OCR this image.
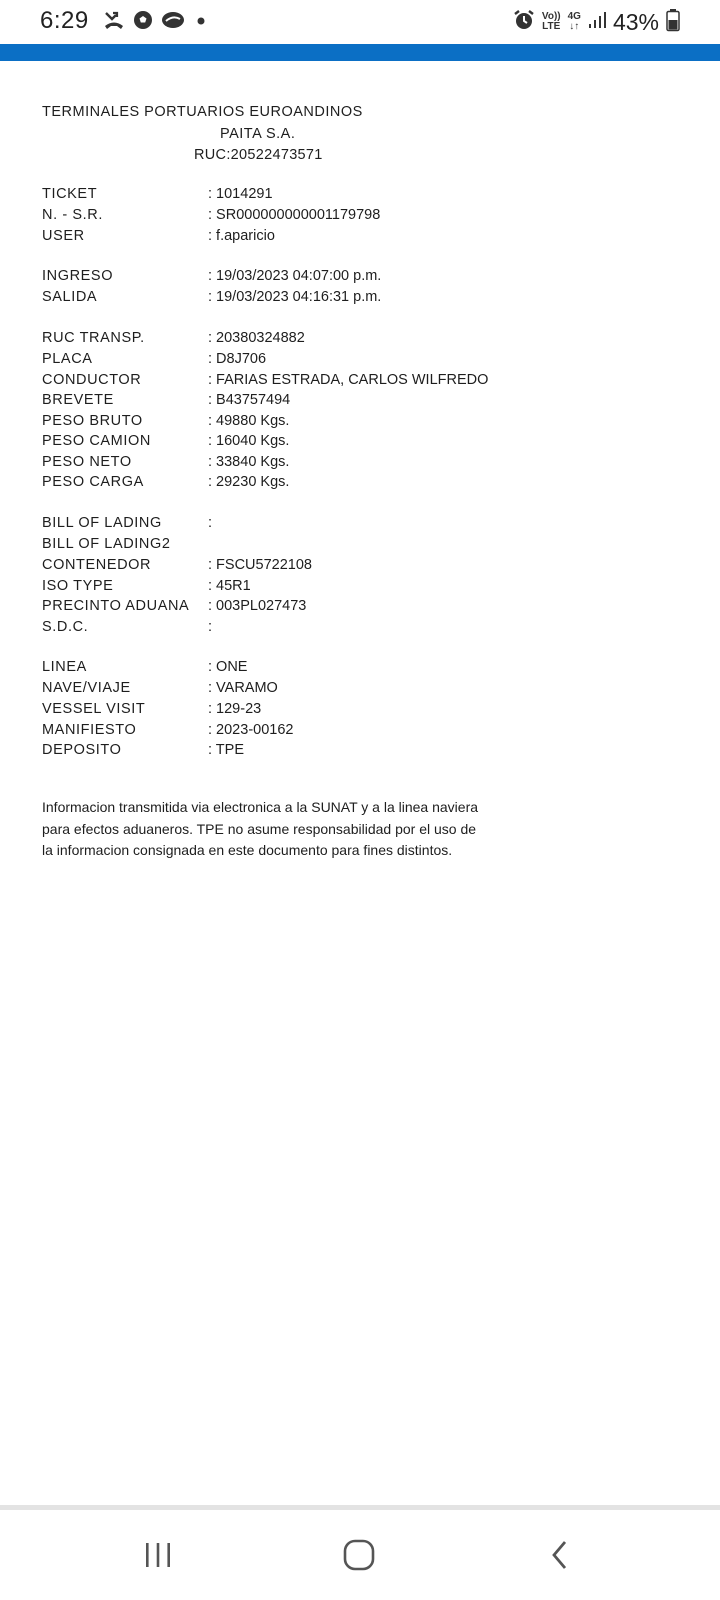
6:29	Vo))
LTE
4G
↓↑ 43%
TERMINALES PORTUARIOS EUROANDINOS
PAITA S.A.
RUC:20522473571
TICKET	: 1014291
N. - S.R.	: SR000000000001179798
USER	: f.aparicio
INGRESO	: 19/03/2023 04:07:00 p.m.
SALIDA	: 19/03/2023 04:16:31 p.m.
RUC TRANSP.	: 20380324882
PLACA	: D8J706
CONDUCTOR	: FARIAS ESTRADA, CARLOS WILFREDO
BREVETE	: B43757494
PESO BRUTO	: 49880 Kgs.
PESO CAMION	: 16040 Kgs.
PESO NETO	: 33840 Kgs.
PESO CARGA	: 29230 Kgs.
BILL OF LADING	:
BILL OF LADING2
CONTENEDOR	: FSCU5722108
ISO TYPE	: 45R1
PRECINTO ADUANA : 003PL027473
S.D.C.	:
LINEA	: ONE
NAVE/VIAJE	: VARAMO
VESSEL VISIT	: 129-23
MANIFIESTO	: 2023-00162
DEPOSITO	: TPE
Informacion transmitida via electronica a la SUNAT y a la linea naviera para efectos aduaneros. TPE no asume responsabilidad por el uso de la informacion consignada en este documento para fines distintos.
